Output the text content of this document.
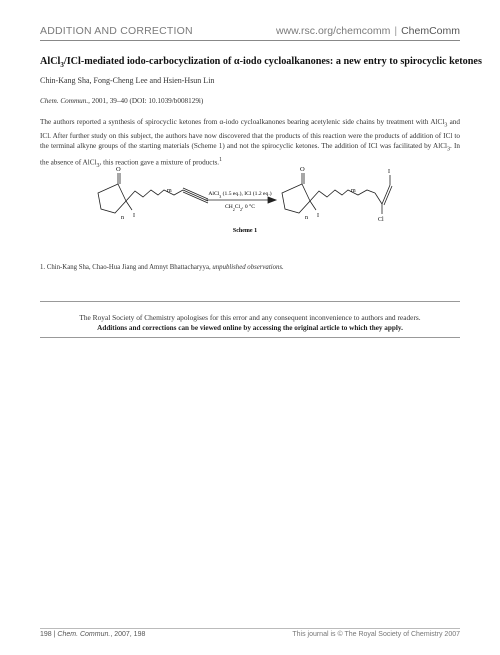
ADDITION AND CORRECTION	www.rsc.org/chemcomm | ChemComm
AlCl$_3$/ICl-mediated iodo-carbocyclization of α-iodo cycloalkanones: a new entry to spirocyclic ketones
Chin-Kang Sha, Fong-Cheng Lee and Hsien-Hsun Lin
Chem. Commun., 2001, 39–40 (DOI: 10.1039/b008129i)
The authors reported a synthesis of spirocyclic ketones from α-iodo cycloalkanones bearing acetylenic side chains by treatment with AlCl$_3$ and ICl. After further study on this subject, the authors have now discovered that the products of this reaction were the products of addition of ICl to the terminal alkyne groups of the starting materials (Scheme 1) and not the spirocyclic ketones. The addition of ICl was facilitated by AlCl$_3$. In the absence of AlCl$_3$, this reaction gave a mixture of products.$^1$
O
I
n
m
O
I
n
m
I
Cl
AlCl$_3$ (1.5 eq.), ICl (1.2 eq.)
$CH_2Cl_2$, 0 °C
Scheme 1
1. Chin-Kang Sha, Chao-Hua Jiang and Amnyt Bhattacharyya, unpublished observations.
The Royal Society of Chemistry apologises for this error and any consequent inconvenience to authors and readers.
Additions and corrections can be viewed online by accessing the original article to which they apply.
198 | Chem. Commun., 2007, 198	This journal is © The Royal Society of Chemistry 2007
